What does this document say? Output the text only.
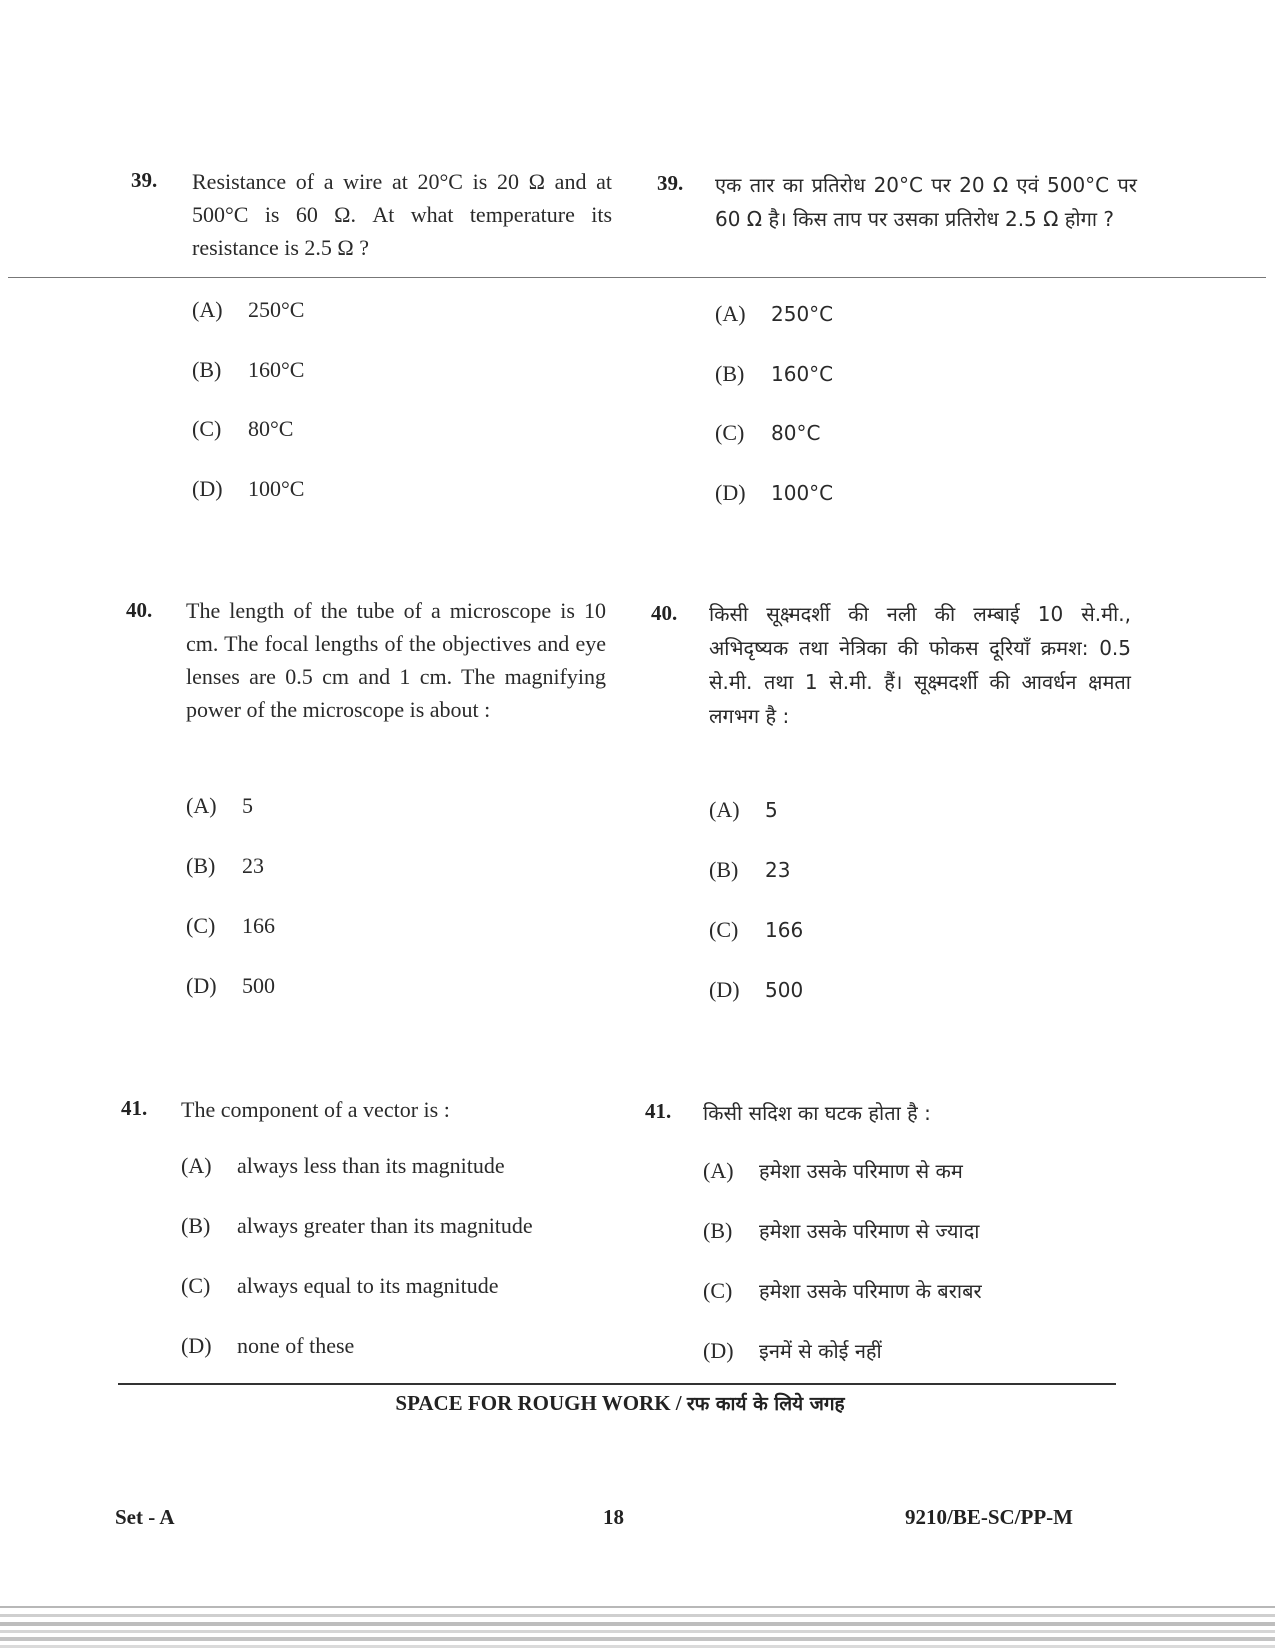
39. Resistance of a wire at 20°C is 20 Ω and at 500°C is 60 Ω. At what temperature its resistance is 2.5 Ω ?
39. एक तार का प्रतिरोध 20°C पर 20 Ω एवं 500°C पर 60 Ω है। किस ताप पर उसका प्रतिरोध 2.5 Ω होगा ?
(A) 250°C
(B) 160°C
(C) 80°C
(D) 100°C
(A) 250°C
(B) 160°C
(C) 80°C
(D) 100°C
40. The length of the tube of a microscope is 10 cm. The focal lengths of the objectives and eye lenses are 0.5 cm and 1 cm. The magnifying power of the microscope is about :
40. किसी सूक्ष्मदर्शी की नली की लम्बाई 10 से.मी., अभिदृष्यक तथा नेत्रिका की फोकस दूरियाँ क्रमश: 0.5 से.मी. तथा 1 से.मी. हैं। सूक्ष्मदर्शी की आवर्धन क्षमता लगभग है :
(A) 5
(B) 23
(C) 166
(D) 500
(A) 5
(B) 23
(C) 166
(D) 500
41. The component of a vector is :	41. किसी सदिश का घटक होता है :
(A) always less than its magnitude
(B) always greater than its magnitude
(C) always equal to its magnitude
(D) none of these
(A) हमेशा उसके परिमाण से कम
(B) हमेशा उसके परिमाण से ज्यादा
(C) हमेशा उसके परिमाण के बराबर
(D) इनमें से कोई नहीं
SPACE FOR ROUGH WORK / रफ कार्य के लिये जगह
Set - A	18	9210/BE-SC/PP-M
